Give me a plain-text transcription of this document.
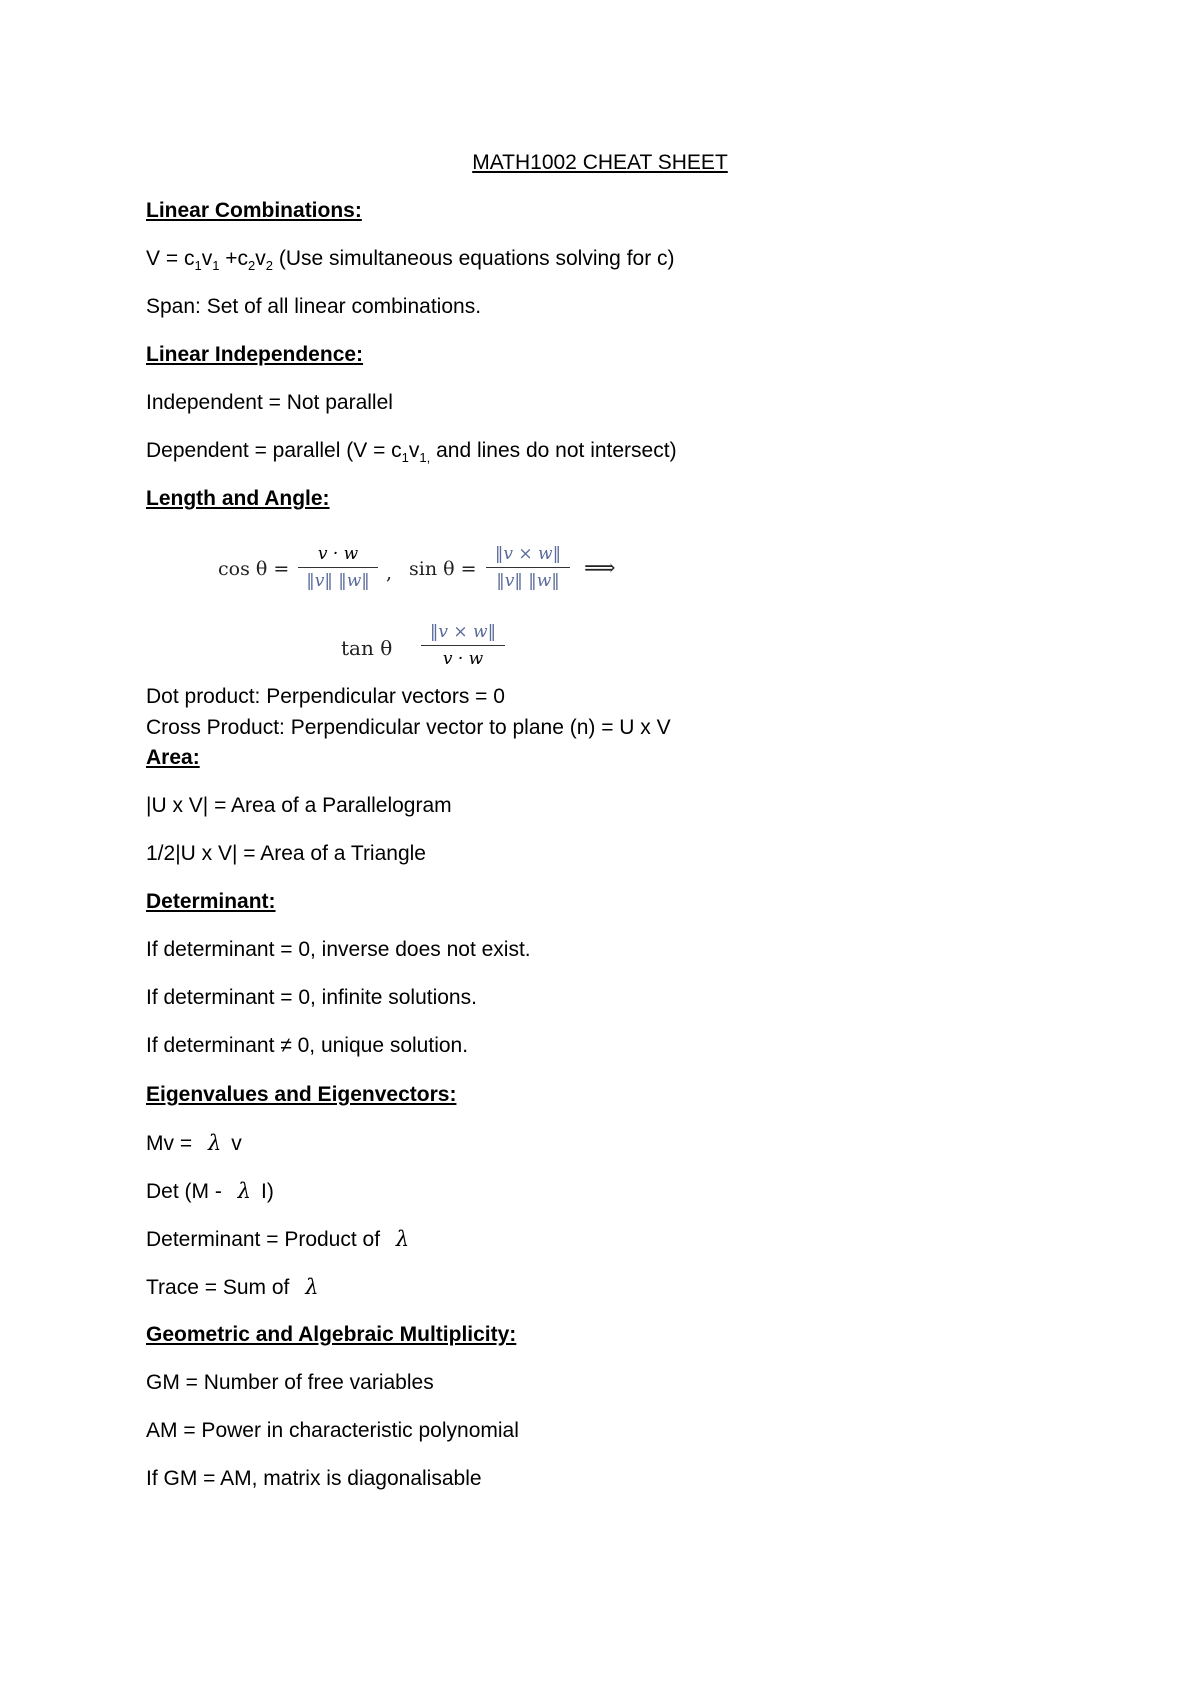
MATH1002 CHEAT SHEET
Linear Combinations:
$V = c_1v_1 +c_2v_2$ (Use simultaneous equations solving for c)
Span: Set of all linear combinations.
Linear Independence:
Independent = Not parallel
Dependent = parallel ($V = c_1v_{1,}$ and lines do not intersect)
Length and Angle:
cos θ =
v · w
‖v‖ ‖w‖ , sin θ =
‖v × w‖
‖v‖ ‖w‖	⟹
tan θ
‖v × w‖
v · w
Dot product: Perpendicular vectors = 0
Cross Product: Perpendicular vector to plane (n) = U x V
Area:
|U x V| = Area of a Parallelogram
1/2|U x V| = Area of a Triangle
Determinant:
If determinant = 0, inverse does not exist.
If determinant = 0, infinite solutions.
If determinant ≠ 0, unique solution.
Eigenvalues and Eigenvectors:
Mv = λ v
Det (M - λ I)
Determinant = Product of λ
Trace = Sum of λ
Geometric and Algebraic Multiplicity:
GM = Number of free variables
AM = Power in characteristic polynomial
If GM = AM, matrix is diagonalisable
